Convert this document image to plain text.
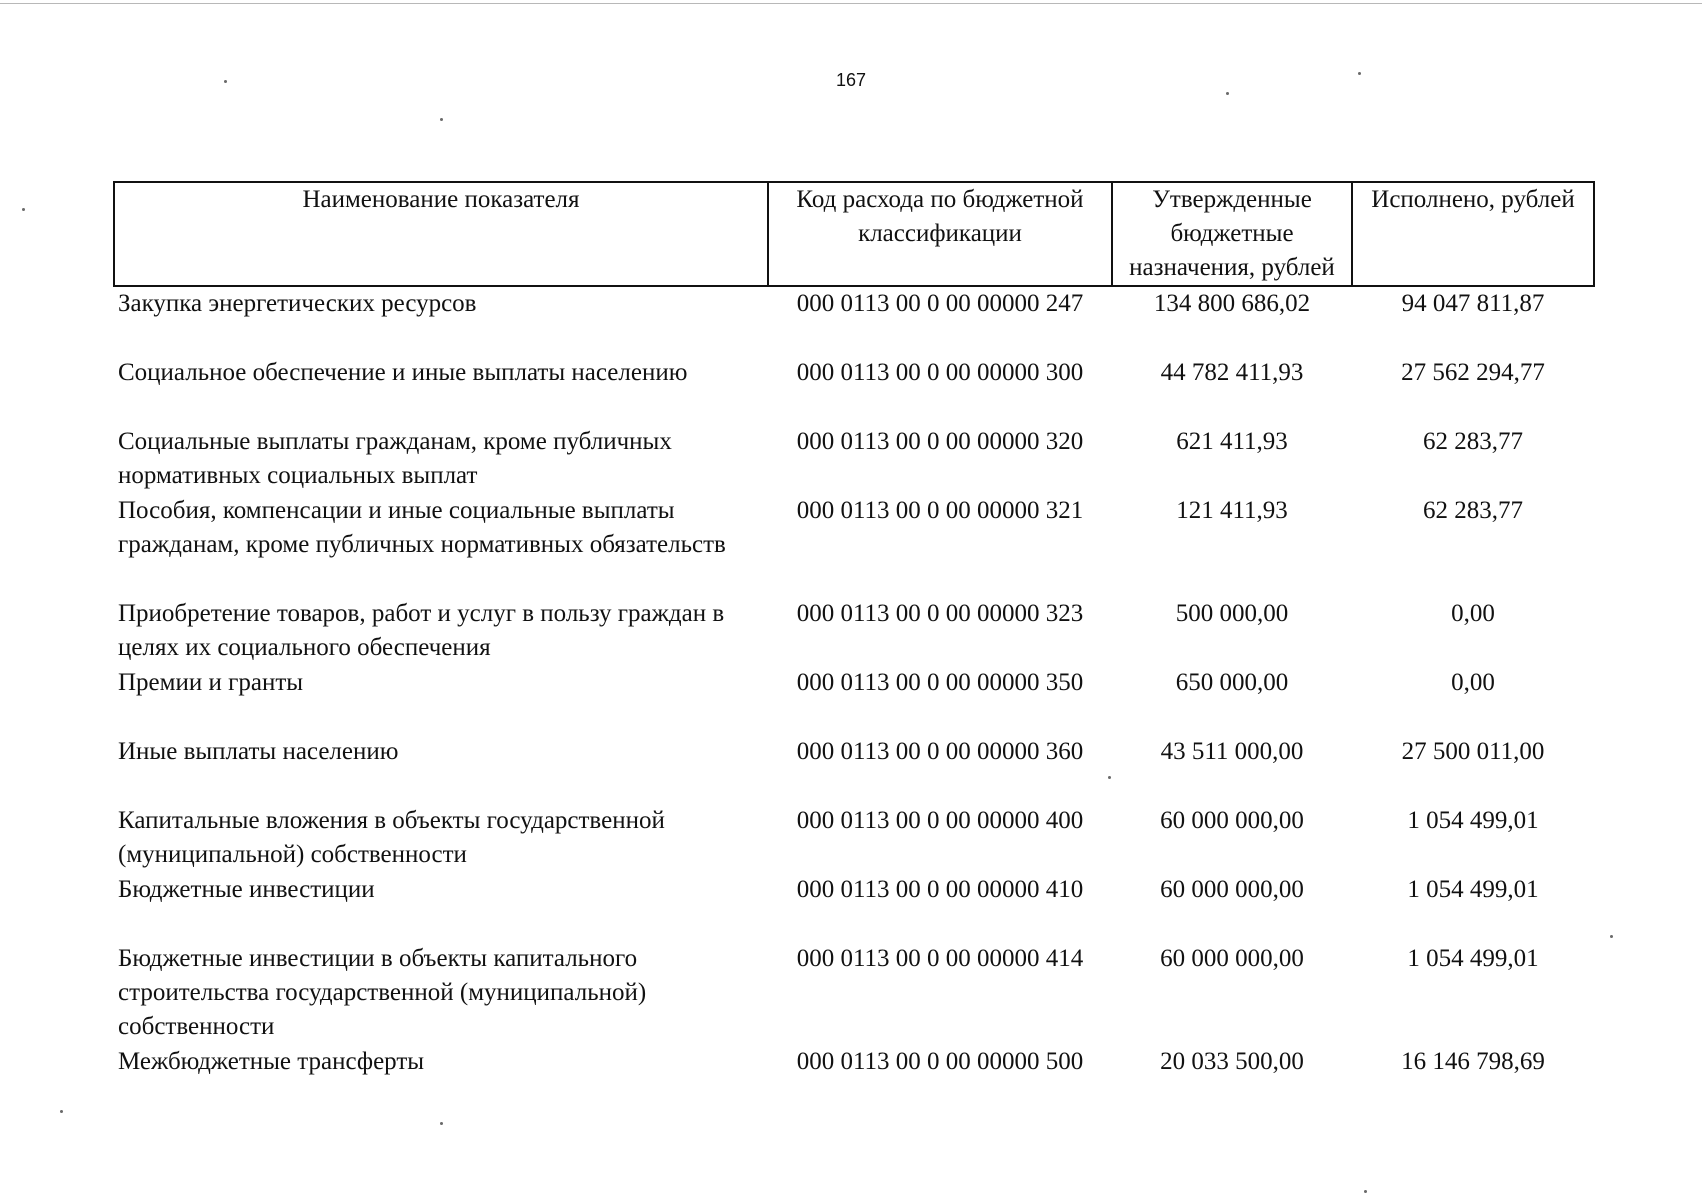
167
Наименование показателя	Код расхода по бюджетной классификации	Утвержденные бюджетные назначения, рублей	Исполнено, рублей
Закупка энергетических ресурсов	000 0113 00 0 00 00000 247	134 800 686,02	94 047 811,87
Социальное обеспечение и иные выплаты населению	000 0113 00 0 00 00000 300	44 782 411,93	27 562 294,77
Социальные выплаты гражданам, кроме публичных нормативных социальных выплат	000 0113 00 0 00 00000 320	621 411,93	62 283,77
Пособия, компенсации и иные социальные выплаты гражданам, кроме публичных нормативных обязательств	000 0113 00 0 00 00000 321	121 411,93	62 283,77
Приобретение товаров, работ и услуг в пользу граждан в целях их социального обеспечения	000 0113 00 0 00 00000 323	500 000,00	0,00
Премии и гранты	000 0113 00 0 00 00000 350	650 000,00	0,00
Иные выплаты населению	000 0113 00 0 00 00000 360	43 511 000,00	27 500 011,00
Капитальные вложения в объекты государственной (муниципальной) собственности	000 0113 00 0 00 00000 400	60 000 000,00	1 054 499,01
Бюджетные инвестиции	000 0113 00 0 00 00000 410	60 000 000,00	1 054 499,01
Бюджетные инвестиции в объекты капитального строительства государственной (муниципальной) собственности	000 0113 00 0 00 00000 414	60 000 000,00	1 054 499,01
Межбюджетные трансферты	000 0113 00 0 00 00000 500	20 033 500,00	16 146 798,69
